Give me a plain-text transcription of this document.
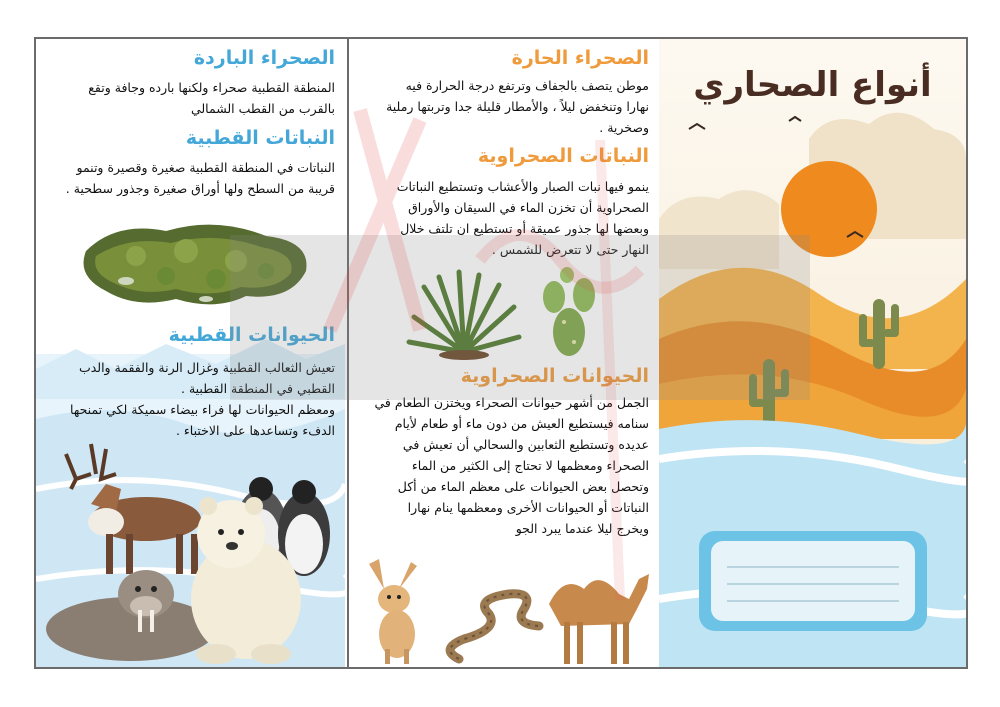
الصحراء الباردة
المنطقة القطبية صحراء ولكنها بارده وجافة وتقع
بالقرب من القطب الشمالي
النباتات القطبية
النباتات في المنطقة القطبية صغيرة وقصيرة وتنمو
قريبة من السطح ولها أوراق صغيرة وجذور سطحية .
الحيوانات القطبية
تعيش الثعالب القطبية وغزال الرنة والفقمة والدب
القطبي في المنطقة القطبية .
ومعظم الحيوانات لها فراء بيضاء سميكة لكي تمنحها
الدفء وتساعدها على الاختباء .
الصحراء الحارة
موطن يتصف بالجفاف وترتفع درجة الحرارة فيه
نهارا وتنخفض ليلاً ، والأمطار قليلة جدا وتربتها رملية
وصخرية .
النباتات الصحراوية
ينمو فيها نبات الصبار والأعشاب وتستطيع النباتات
الصحراوية أن تخزن الماء في السيقان والأوراق
وبعضها لها جذور عميقة أو تستطيع ان تلتف خلال
النهار حتى لا تتعرض للشمس .
الحيوانات الصحراوية
الجمل من أشهر حيوانات الصحراء ويختزن الطعام في
سنامه فيستطيع العيش من دون ماء أو طعام لأيام
عديده وتستطيع الثعابين والسحالي أن تعيش في
الصحراء ومعظمها لا تحتاج إلى الكثير من الماء
وتحصل بعض الحيوانات على معظم الماء من أكل
النباتات أو الحيوانات الأخرى ومعظمها ينام نهارا
ويخرج ليلا عندما يبرد الجو
أنواع الصحاري
